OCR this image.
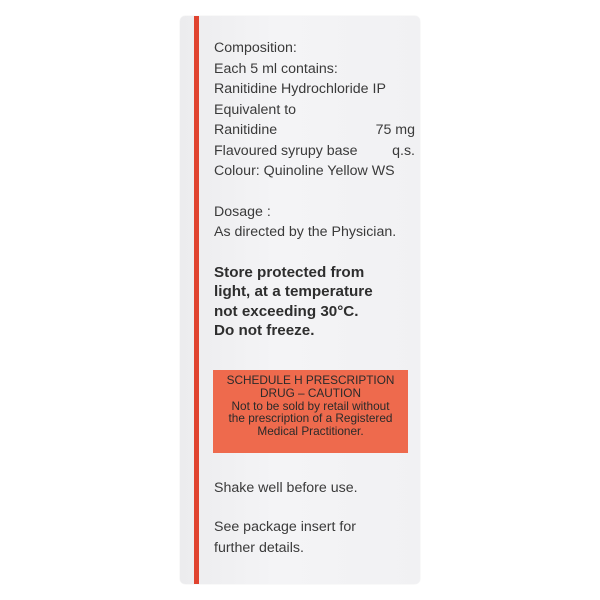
Composition:
Each 5 ml contains:
Ranitidine Hydrochloride IP
Equivalent to
Ranitidine	75 mg
Flavoured syrupy base q.s.
Colour: Quinoline Yellow WS
Dosage :
As directed by the Physician.
Store protected from
light, at a temperature
not exceeding 30°C.
Do not freeze.
SCHEDULE H PRESCRIPTION
DRUG – CAUTION
Not to be sold by retail without
the prescription of a Registered
Medical Practitioner.
Shake well before use.
See package insert for
further details.
